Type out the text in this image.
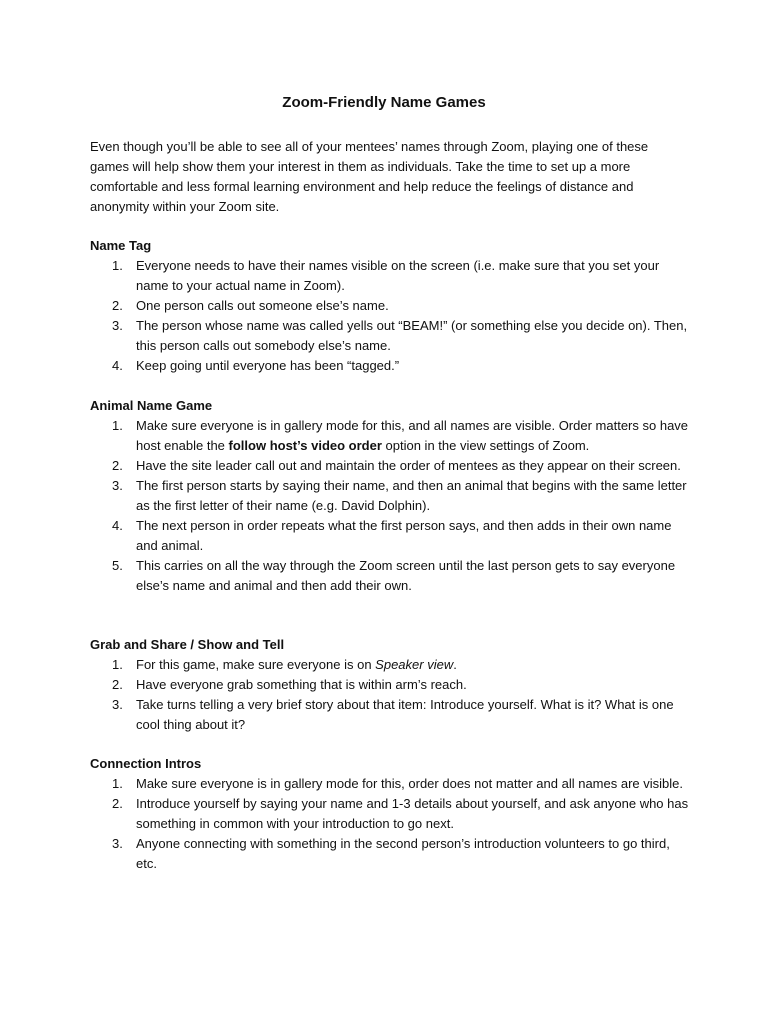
Zoom-Friendly Name Games

Even though you’ll be able to see all of your mentees’ names through Zoom, playing one of these games will help show them your interest in them as individuals. Take the time to set up a more comfortable and less formal learning environment and help reduce the feelings of distance and anonymity within your Zoom site.

Name Tag
1. Everyone needs to have their names visible on the screen (i.e. make sure that you set your name to your actual name in Zoom).
2. One person calls out someone else’s name.
3. The person whose name was called yells out “BEAM!” (or something else you decide on). Then, this person calls out somebody else’s name.
4. Keep going until everyone has been “tagged.”
Animal Name Game
1. Make sure everyone is in gallery mode for this, and all names are visible. Order matters so have host enable the follow host’s video order option in the view settings of Zoom.
2. Have the site leader call out and maintain the order of mentees as they appear on their screen.
3. The first person starts by saying their name, and then an animal that begins with the same letter as the first letter of their name (e.g. David Dolphin).
4. The next person in order repeats what the first person says, and then adds in their own name and animal.
5. This carries on all the way through the Zoom screen until the last person gets to say everyone else’s name and animal and then add their own.
Grab and Share / Show and Tell
1. For this game, make sure everyone is on Speaker view.
2. Have everyone grab something that is within arm’s reach.
3. Take turns telling a very brief story about that item: Introduce yourself. What is it? What is one cool thing about it?
Connection Intros
1. Make sure everyone is in gallery mode for this, order does not matter and all names are visible.
2. Introduce yourself by saying your name and 1-3 details about yourself, and ask anyone who has something in common with your introduction to go next.
3. Anyone connecting with something in the second person’s introduction volunteers to go third, etc.
